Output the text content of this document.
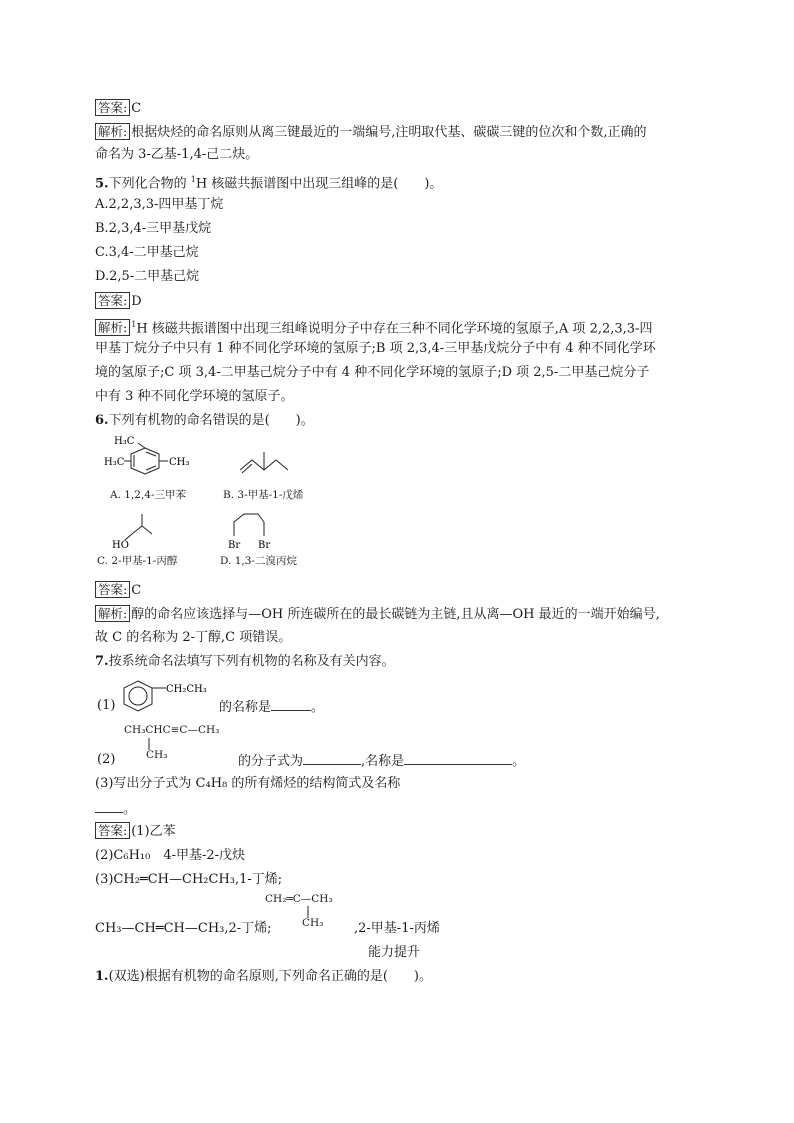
答案: C
解析: 根据炔烃的命名原则从离三键最近的一端编号,注明取代基、碳碳三键的位次和个数,正确的
命名为 3-乙基-1,4-己二炔。
5.下列化合物的 $^1$H 核磁共振谱图中出现三组峰的是(　　)。
A.2,2,3,3-四甲基丁烷
B.2,3,4-三甲基戊烷
C.3,4-二甲基己烷
D.2,5-二甲基己烷
答案: D
解析: $^1$H 核磁共振谱图中出现三组峰说明分子中存在三种不同化学环境的氢原子,A 项 2,2,3,3-四
甲基丁烷分子中只有 1 种不同化学环境的氢原子;B 项 2,3,4-三甲基戊烷分子中有 4 种不同化学环
境的氢原子;C 项 3,4-二甲基己烷分子中有 4 种不同化学环境的氢原子;D 项 2,5-二甲基己烷分子
中有 3 种不同化学环境的氢原子。
6.下列有机物的命名错误的是(　　)。
H₃C
H₃C	CH₃
A. 1,2,4-三甲苯	B. 3-甲基-1-戊烯
HO	Br Br
C. 2-甲基-1-丙醇	D. 1,3-二溴丙烷
答案: C
解析: 醇的命名应该选择与—OH 所连碳所在的最长碳链为主链,且从离—OH 最近的一端开始编号,
故 C 的名称为 2-丁醇,C 项错误。
7.按系统命名法填写下列有机物的名称及有关内容。
(1)
CH₂CH₃
的名称是	。
(2)
CH₃CHC≡C—CH₃
CH₃	的分子式为	,名称是	。
(3)写出分子式为 C₄H₈ 的所有烯烃的结构简式及名称
。
答案: (1)乙苯
(2)C₆H₁₀　4-甲基-2-戊炔
(3)CH₂═CH—CH₂CH₃,1-丁烯;
CH₂═C—CH₃
CH₃
CH₃—CH═CH—CH₃,2-丁烯;	,2-甲基-1-丙烯
能力提升
1.(双选)根据有机物的命名原则,下列命名正确的是(　　)。
